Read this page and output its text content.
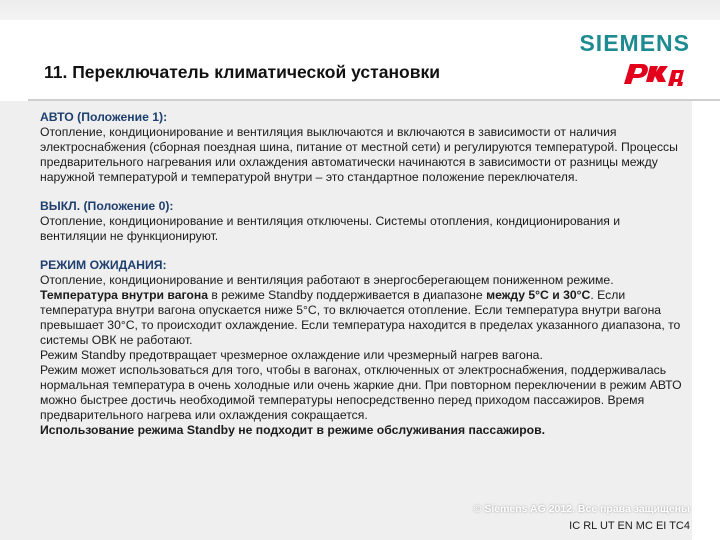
11. Переключатель климатической установки
SIEMENS
АВТО (Положение 1):
Отопление, кондиционирование и вентиляция выключаются и включаются в зависимости от наличия электроснабжения (сборная поездная шина, питание от местной сети) и регулируются температурой. Процессы предварительного нагревания или охлаждения автоматически начинаются в зависимости от разницы между наружной температурой и температурой внутри – это стандартное положение переключателя.
ВЫКЛ. (Положение 0):
Отопление, кондиционирование и вентиляция отключены. Системы отопления, кондиционирования и вентиляции не функционируют.
РЕЖИМ ОЖИДАНИЯ:
Отопление, кондиционирование и вентиляция работают в энергосберегающем пониженном режиме. Температура внутри вагона в режиме Standby поддерживается в диапазоне между 5°С и 30°С. Если температура внутри вагона опускается ниже 5°С, то включается отопление. Если температура внутри вагона превышает 30°С, то происходит охлаждение. Если температура находится в пределах указанного диапазона, то системы ОВК не работают.
Режим Standby предотвращает чрезмерное охлаждение или чрезмерный нагрев вагона.
Режим может использоваться для того, чтобы в вагонах, отключенных от электроснабжения, поддерживалась нормальная температура в очень холодные или очень жаркие дни. При повторном переключении в режим АВТО можно быстрее достичь необходимой температуры непосредственно перед приходом пассажиров. Время предварительного нагрева или охлаждения сокращается.
Использование режима Standby не подходит в режиме обслуживания пассажиров.
© Siemens AG 2012. Все права защищены
IC RL UT EN MC EI TC4
